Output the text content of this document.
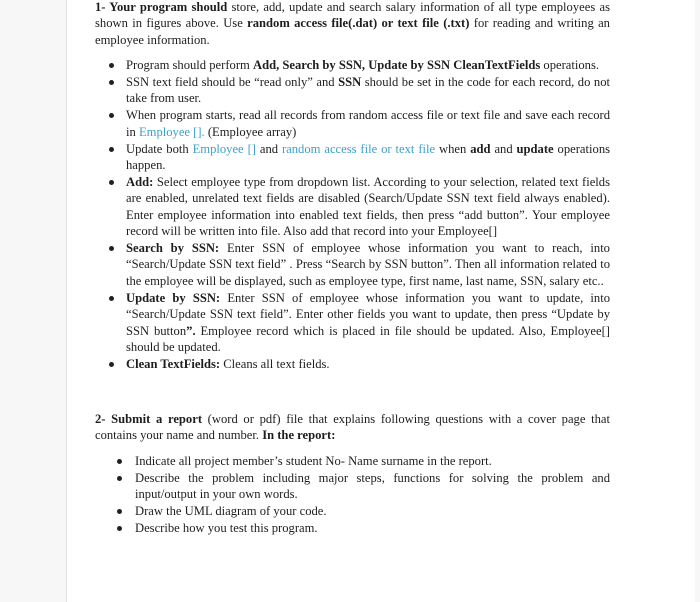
1- Your program should store, add, update and search salary information of all type employees as shown in figures above. Use random access file(.dat) or text file (.txt) for reading and writing an employee information.

Program should perform Add, Search by SSN, Update by SSN CleanTextFields operations.
SSN text field should be “read only” and SSN should be set in the code for each record, do not take from user.
When program starts, read all records from random access file or text file and save each record in Employee []. (Employee array)
Update both Employee [] and random access file or text file when add and update operations happen.
Add: Select employee type from dropdown list. According to your selection, related text fields are enabled, unrelated text fields are disabled (Search/Update SSN text field always enabled). Enter employee information into enabled text fields, then press “add button”. Your employee record will be written into file. Also add that record into your Employee[]
Search by SSN: Enter SSN of employee whose information you want to reach, into “Search/Update SSN text field” . Press “Search by SSN button”. Then all information related to the employee will be displayed, such as employee type, first name, last name, SSN, salary etc..
Update by SSN: Enter SSN of employee whose information you want to update, into “Search/Update SSN text field”. Enter other fields you want to update, then press “Update by SSN button”. Employee record which is placed in file should be updated. Also, Employee[] should be updated.
Clean TextFields: Cleans all text fields.

2- Submit a report (word or pdf) file that explains following questions with a cover page that contains your name and number. In the report:

Indicate all project member’s student No- Name surname in the report.
Describe the problem including major steps, functions for solving the problem and input/output in your own words.
Draw the UML diagram of your code.
Describe how you test this program.
